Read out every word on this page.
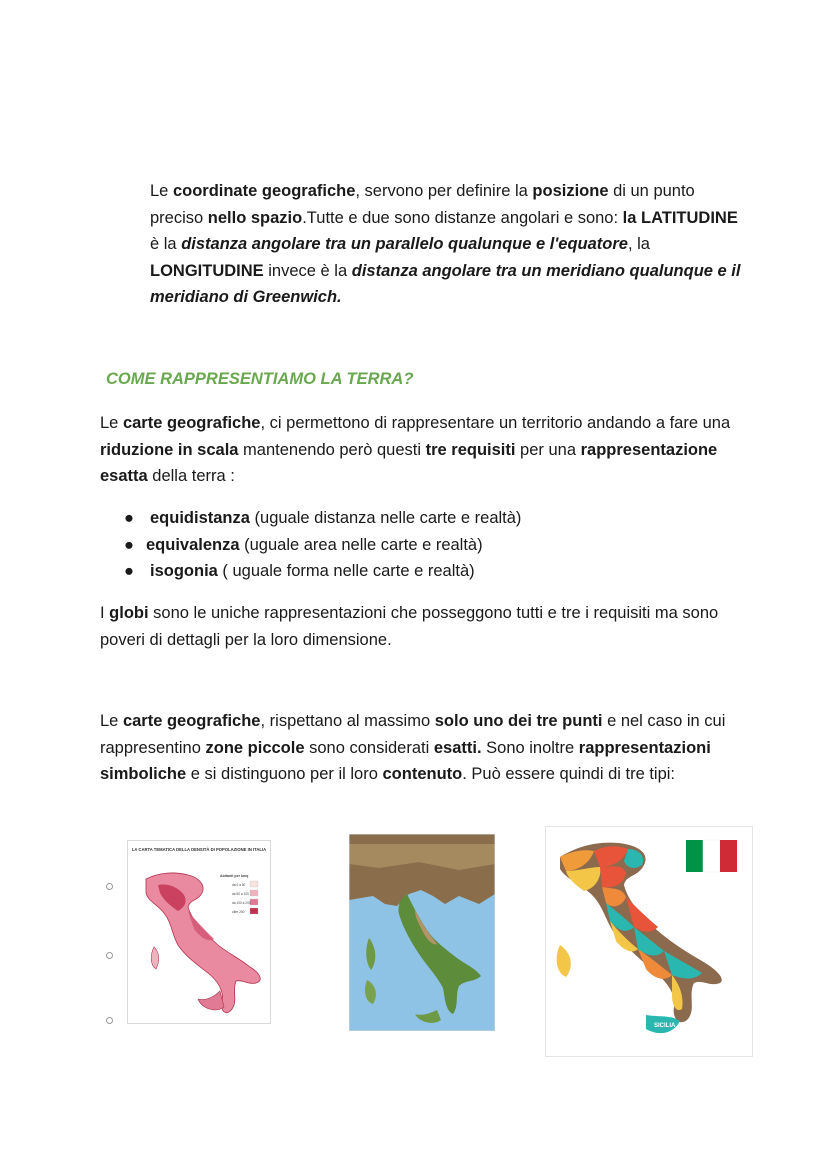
Le coordinate geografiche, servono per definire la posizione di un punto preciso nello spazio.Tutte e due sono distanze angolari e sono: la LATITUDINE è la distanza angolare tra un parallelo qualunque e l'equatore, la LONGITUDINE invece è la distanza angolare tra un meridiano qualunque e il meridiano di Greenwich.

COME RAPPRESENTIAMO LA TERRA?

Le carte geografiche, ci permettono di rappresentare un territorio andando a fare una riduzione in scala mantenendo però questi tre requisiti per una rappresentazione esatta della terra :

● equidistanza (uguale distanza nelle carte e realtà)
● equivalenza (uguale area nelle carte e realtà)
● isogonia ( uguale forma nelle carte e realtà)

I globi sono le uniche rappresentazioni che posseggono tutti e tre i requisiti ma sono poveri di dettagli per la loro dimensione.

Le carte geografiche, rispettano al massimo solo uno dei tre punti e nel caso in cui rappresentino zone piccole sono considerati esatti. Sono inoltre rappresentazioni simboliche e si distinguono per il loro contenuto. Può essere quindi di tre tipi:

LA CARTA TEMATICA DELLA DENSITÀ DI POPOLAZIONE IN ITALIA
Abitanti per kmq
da 0 a 50
da 50 a 100
da 100 a 200
oltre 200
SICILIA
